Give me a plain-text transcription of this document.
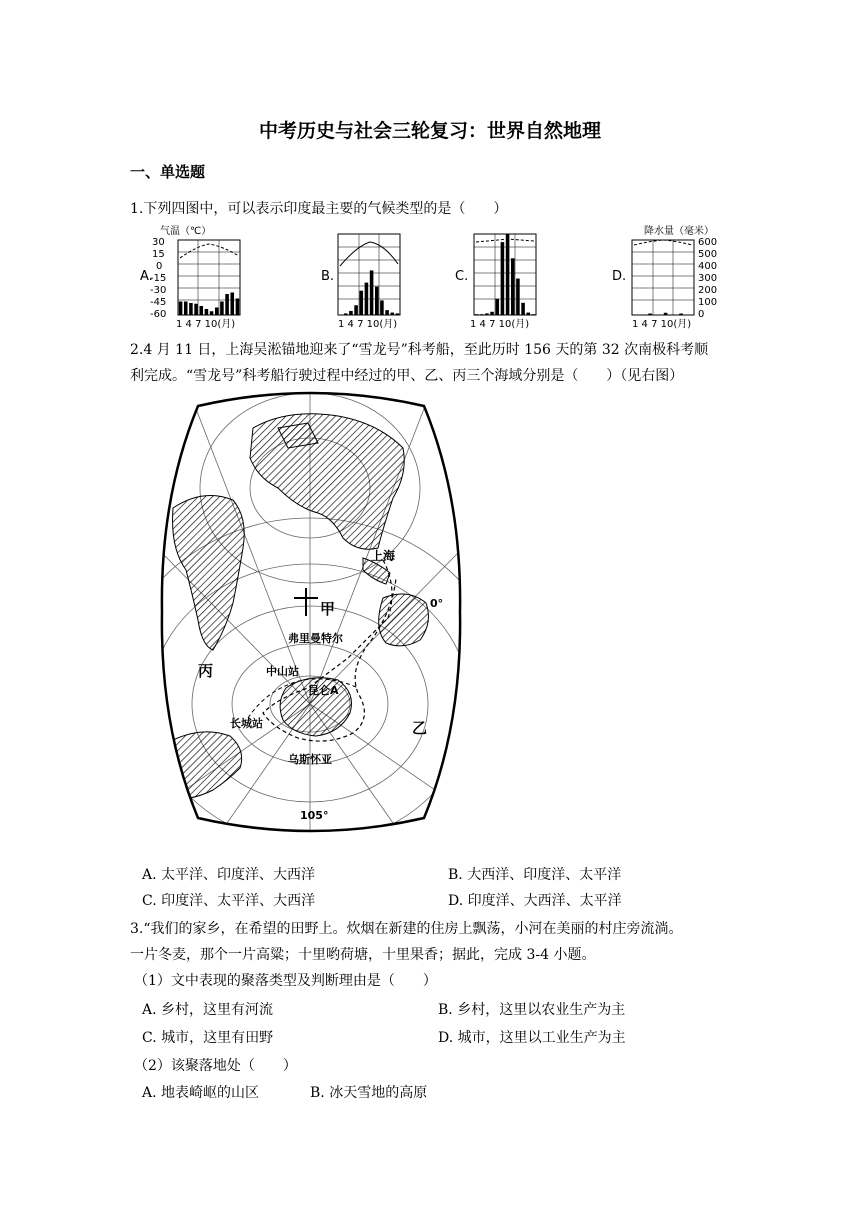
中考历史与社会三轮复习：世界自然地理
一、单选题
1.下列四图中，可以表示印度最主要的气候类型的是（　　）
A.	B.	C.	D.
气温（℃）
30
15
0
-15
-30
-45
-60
1 4 7 10(月)	1 4 7 10(月)	1 4 7 10(月)
降水量（毫米）
600
500
400
300
200
100
0
1 4 7 10(月)
2.4 月 11 日，上海吴淞锚地迎来了“雪龙号”科考船，至此历时 156 天的第 32 次南极科考顺
利完成。“雪龙号”科考船行驶过程中经过的甲、乙、丙三个海域分别是（　　）（见右图）
上海
甲	0°
弗里曼特尔
丙	中山站
昆仑A
长城站	乙
乌斯怀亚
105°
A. 太平洋、印度洋、大西洋	B. 大西洋、印度洋、太平洋
C. 印度洋、太平洋、大西洋	D. 印度洋、大西洋、太平洋
3.“我们的家乡，在希望的田野上。炊烟在新建的住房上飘荡，小河在美丽的村庄旁流淌。
一片冬麦，那个一片高粱；十里哟荷塘，十里果香；据此，完成 3-4 小题。
（1）文中表现的聚落类型及判断理由是（　　）
A. 乡村，这里有河流	B. 乡村，这里以农业生产为主
C. 城市，这里有田野	D. 城市，这里以工业生产为主
（2）该聚落地处（　　）
A. 地表崎岖的山区	B. 冰天雪地的高原
